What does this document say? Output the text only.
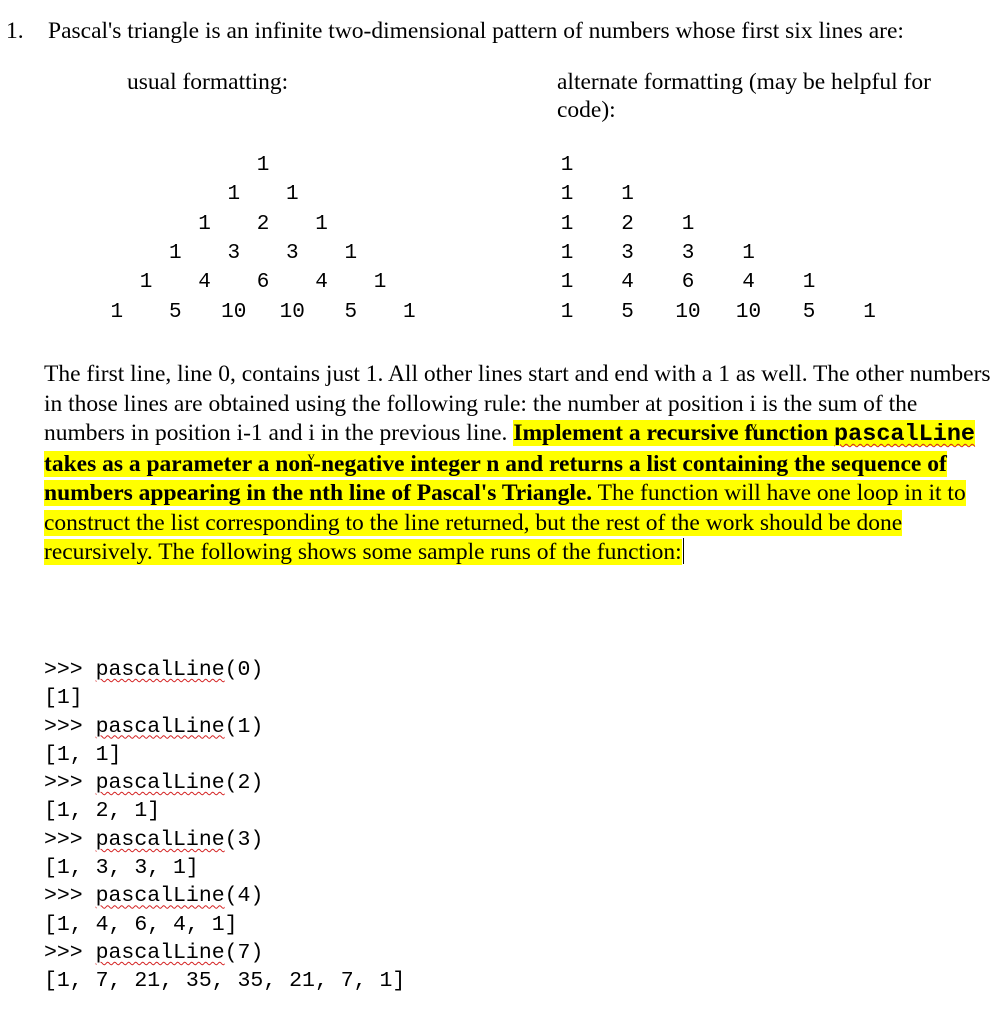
1. Pascal's triangle is an infinite two-dimensional pattern of numbers whose first six lines are:
usual formatting:	alternate formatting (may be helpful for
code):
1
1 1
1 2 1
1 3 3 1
1 4 6 4 1
1 5 10 10 5 1
1
1 1
1 2 1
1 3 3 1
1 4 6 4 1
1 5 10 10 5 1
The first line, line 0, contains just 1. All other lines start and end with a 1 as well. The other numbers in those lines are obtained using the following rule: the number at position i v is the sum of the numbers in position i-1 and i v in the previous line. Implement a recursive function pascalLine takes as a parameter a non-negative integer n and returns a list containing the sequence of numbers appearing in the nth line of Pascal's Triangle. The function will have one loop in it to construct the list corresponding to the line returned, but the rest of the work should be done recursively. The following shows some sample runs of the function:
>>> pascalLine(0)
[1]
>>> pascalLine(1)
[1, 1]
>>> pascalLine(2)
[1, 2, 1]
>>> pascalLine(3)
[1, 3, 3, 1]
>>> pascalLine(4)
[1, 4, 6, 4, 1]
>>> pascalLine(7)
[1, 7, 21, 35, 35, 21, 7, 1]
